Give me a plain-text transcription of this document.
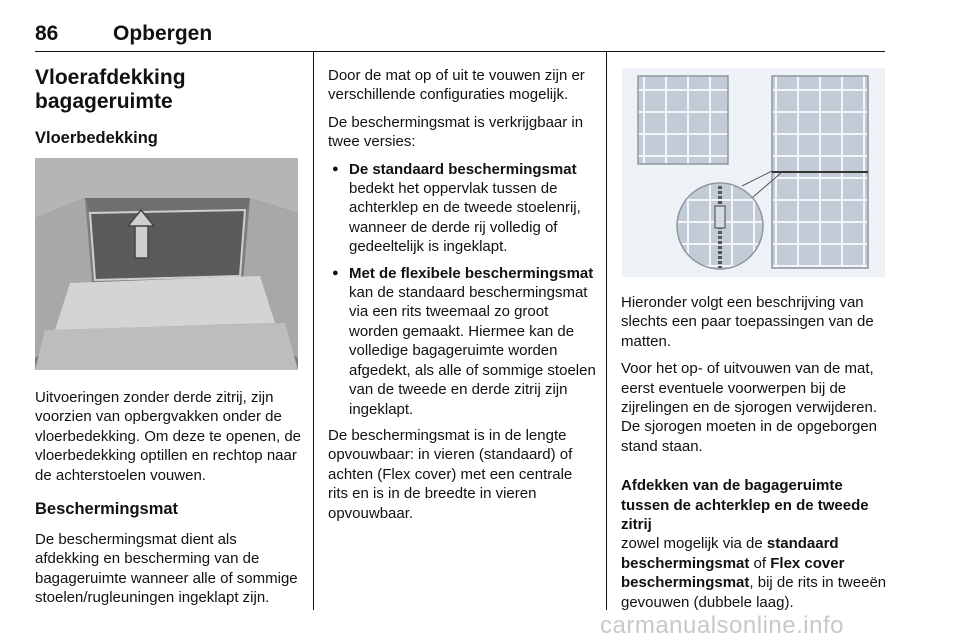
86	Opbergen
Vloerafdekking bagageruimte
Vloerbedekking

Uitvoeringen zonder derde zitrij, zijn voorzien van opbergvakken onder de vloerbedekking. Om deze te openen, de vloerbedekking optillen en rechtop naar de achterstoelen vouwen.

Beschermingsmat

De beschermingsmat dient als afdekking en bescherming van de bagageruimte wanneer alle of sommige stoelen/rugleuningen ingeklapt zijn.

Door de mat op of uit te vouwen zijn er verschillende configuraties mogelijk.

De beschermingsmat is verkrijgbaar in twee versies:

● De standaard beschermingsmat bedekt het oppervlak tussen de achterklep en de tweede stoelenrij, wanneer de derde rij volledig of gedeeltelijk is ingeklapt.
● Met de flexibele beschermingsmat kan de standaard beschermingsmat via een rits tweemaal zo groot worden gemaakt. Hiermee kan de volledige bagageruimte worden afgedekt, als alle of sommige stoelen van de tweede en derde zitrij zijn ingeklapt.

De beschermingsmat is in de lengte opvouwbaar: in vieren (standaard) of achten (Flex cover) met een centrale rits en is in de breedte in vieren opvouwbaar.

Hieronder volgt een beschrijving van slechts een paar toepassingen van de matten.

Voor het op- of uitvouwen van de mat, eerst eventuele voorwerpen bij de zijrelingen en de sjorogen verwijderen. De sjorogen moeten in de opgeborgen stand staan.

Afdekken van de bagageruimte tussen de achterklep en de tweede zitrij

zowel mogelijk via de standaard beschermingsmat of Flex cover beschermingsmat, bij de rits in tweeën gevouwen (dubbele laag).

carmanualsonline.info
